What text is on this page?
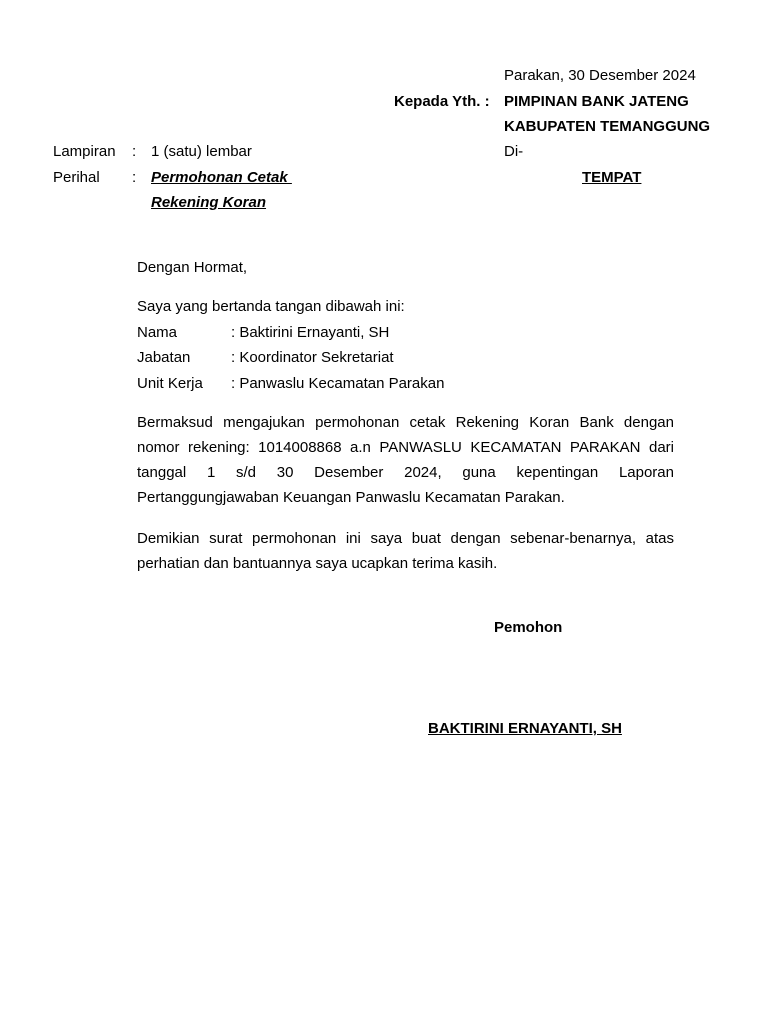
Parakan, 30 Desember 2024
Kepada Yth. : PIMPINAN BANK JATENG
KABUPATEN TEMANGGUNG
Di-
TEMPAT
Lampiran : 1 (satu) lembar
Perihal : Permohonan Cetak
Rekening Koran
Dengan Hormat,
Saya yang bertanda tangan dibawah ini:
Nama	: Baktirini Ernayanti, SH
Jabatan	: Koordinator Sekretariat
Unit Kerja : Panwaslu Kecamatan Parakan
Bermaksud mengajukan permohonan cetak Rekening Koran Bank dengan nomor rekening: 1014008868 a.n PANWASLU KECAMATAN PARAKAN dari tanggal 1 s/d 30 Desember 2024, guna kepentingan Laporan Pertanggungjawaban Keuangan Panwaslu Kecamatan Parakan.
Demikian surat permohonan ini saya buat dengan sebenar-benarnya, atas perhatian dan bantuannya saya ucapkan terima kasih.
Pemohon
BAKTIRINI ERNAYANTI, SH
